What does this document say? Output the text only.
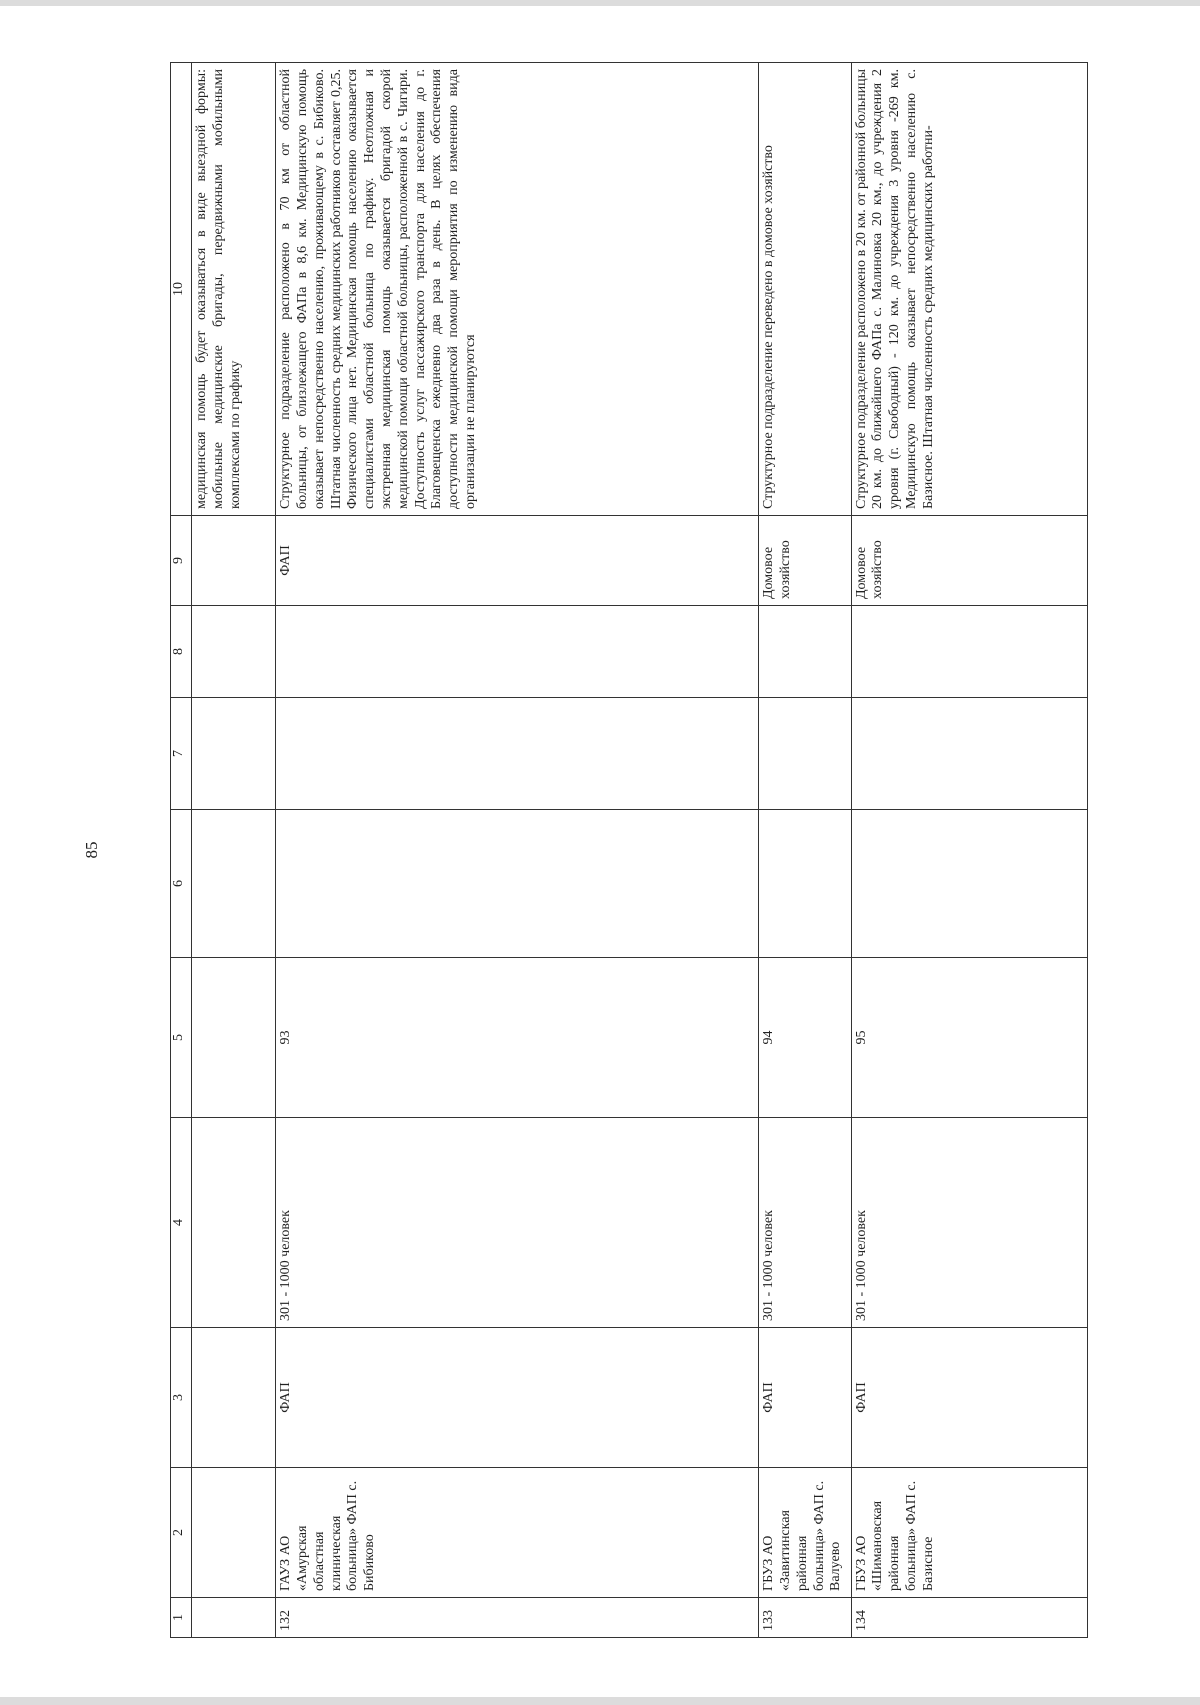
85
1	2	3	4	5	6	7	8	9	10
									медицинская помощь будет оказываться в виде выездной формы: мобильные медицинские бригады, передвижными мобильными комплексами по графику
132	ГАУЗ АО «Амурская областная клиническая больница» ФАП с. Бибиково	ФАП	301 - 1000 человек	93				ФАП	Структурное подразделение расположено в 70 км от областной больницы, от близлежащего ФАПа в 8,6 км. Медицинскую помощь оказывает непосредственно населению, проживающему в с. Бибиково. Штатная численность средних медицинских работников составляет 0,25. Физического лица нет. Медицинская помощь населению оказывается специалистами областной больница по графику. Неотложная и экстренная медицинская помощь оказывается бригадой скорой медицинской помощи областной больницы, расположенной в с. Чигири. Доступность услуг пассажирского транспорта для населения до г. Благовещенска ежедневно два раза в день. В целях обеспечения доступности медицинской помощи мероприятия по изменению вида организации не планируются
133	ГБУЗ АО «Завитинская районная больница» ФАП с. Валуево	ФАП	301 - 1000 человек	94				Домовое хозяйство	Структурное подразделение переведено в домовое хозяйство
134	ГБУЗ АО «Шимановская районная больница» ФАП с. Базисное	ФАП	301 - 1000 человек	95				Домовое хозяйство	Структурное подразделение расположено в 20 км. от районной больницы 20 км. до ближайшего ФАПа с. Малиновка 20 км., до учреждения 2 уровня (г. Свободный) - 120 км. до учреждения 3 уровня -269 км. Медицинскую помощь оказывает непосредственно населению с. Базисное. Штатная численность средних медицинских работни-
